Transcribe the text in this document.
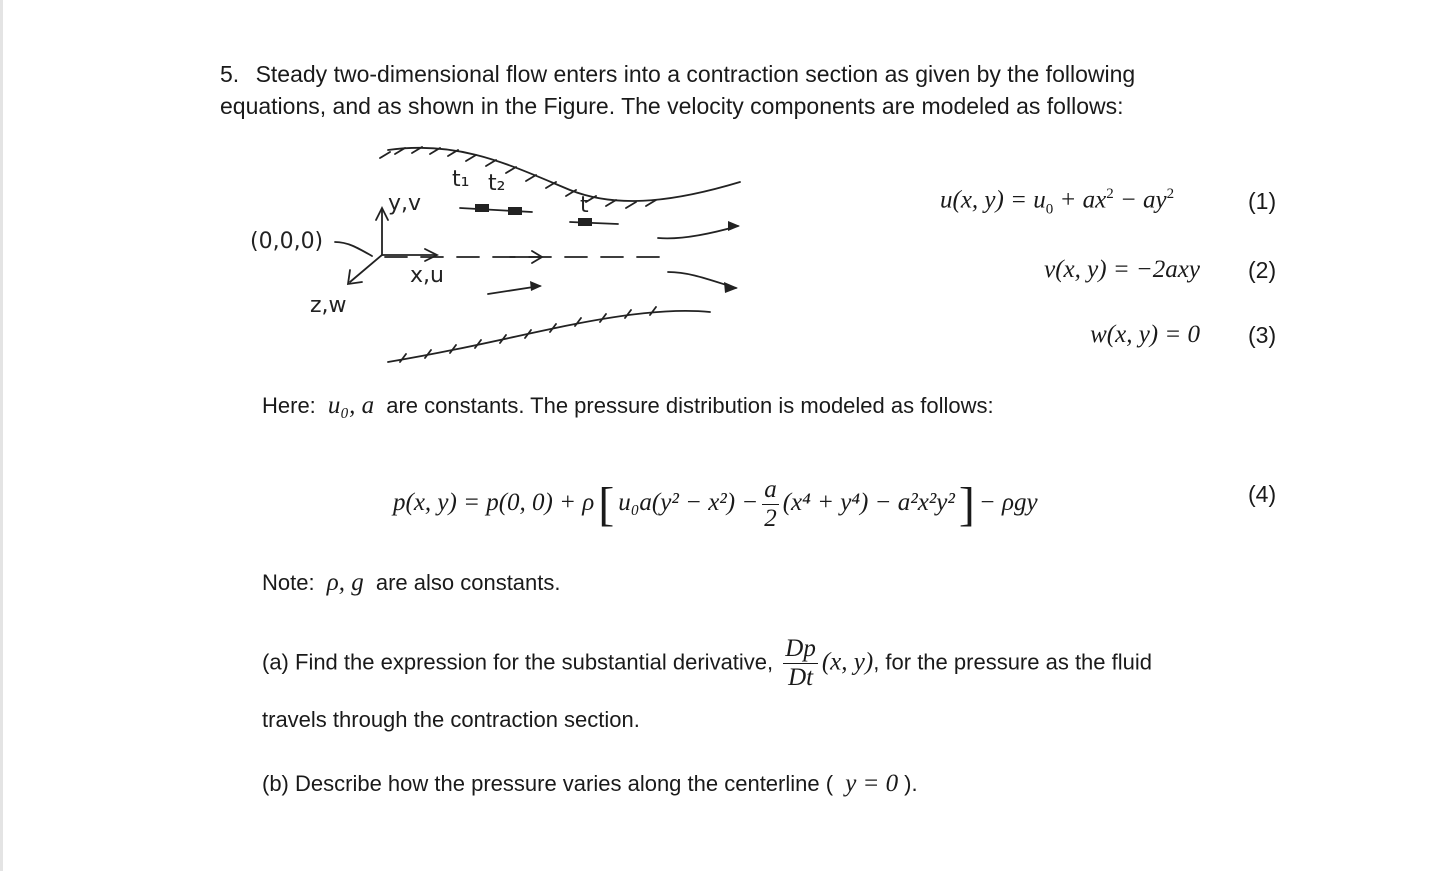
5. Steady two-dimensional flow enters into a contraction section as given by the following equations, and as shown in the Figure. The velocity components are modeled as follows:
(0,0,0)
y,v
x,u
z,w
t₁ t₂
t	u(x, $y) = u_0 + ax^2 - ay^2$	(1)
v(x, y) = −2axy (2)
w(x, y) = 0 (3)
Here: u₀, a are constants. The pressure distribution is modeled as follows:
p(x, y) = p(0, 0) + ρ[ $u_0a(y^2 - x^2) - \frac{a}{2} (x^4 + y^4) - a^2x^2y^2] - \rho gy$	(4)
Note: ρ, g are also constants.
(a) Find the expression for the substantial derivative, $\frac{Dp}{Dt} (x$, y), for the pressure as the fluid
travels through the contraction section.
(b) Describe how the pressure varies along the centerline ( y = 0 ).
